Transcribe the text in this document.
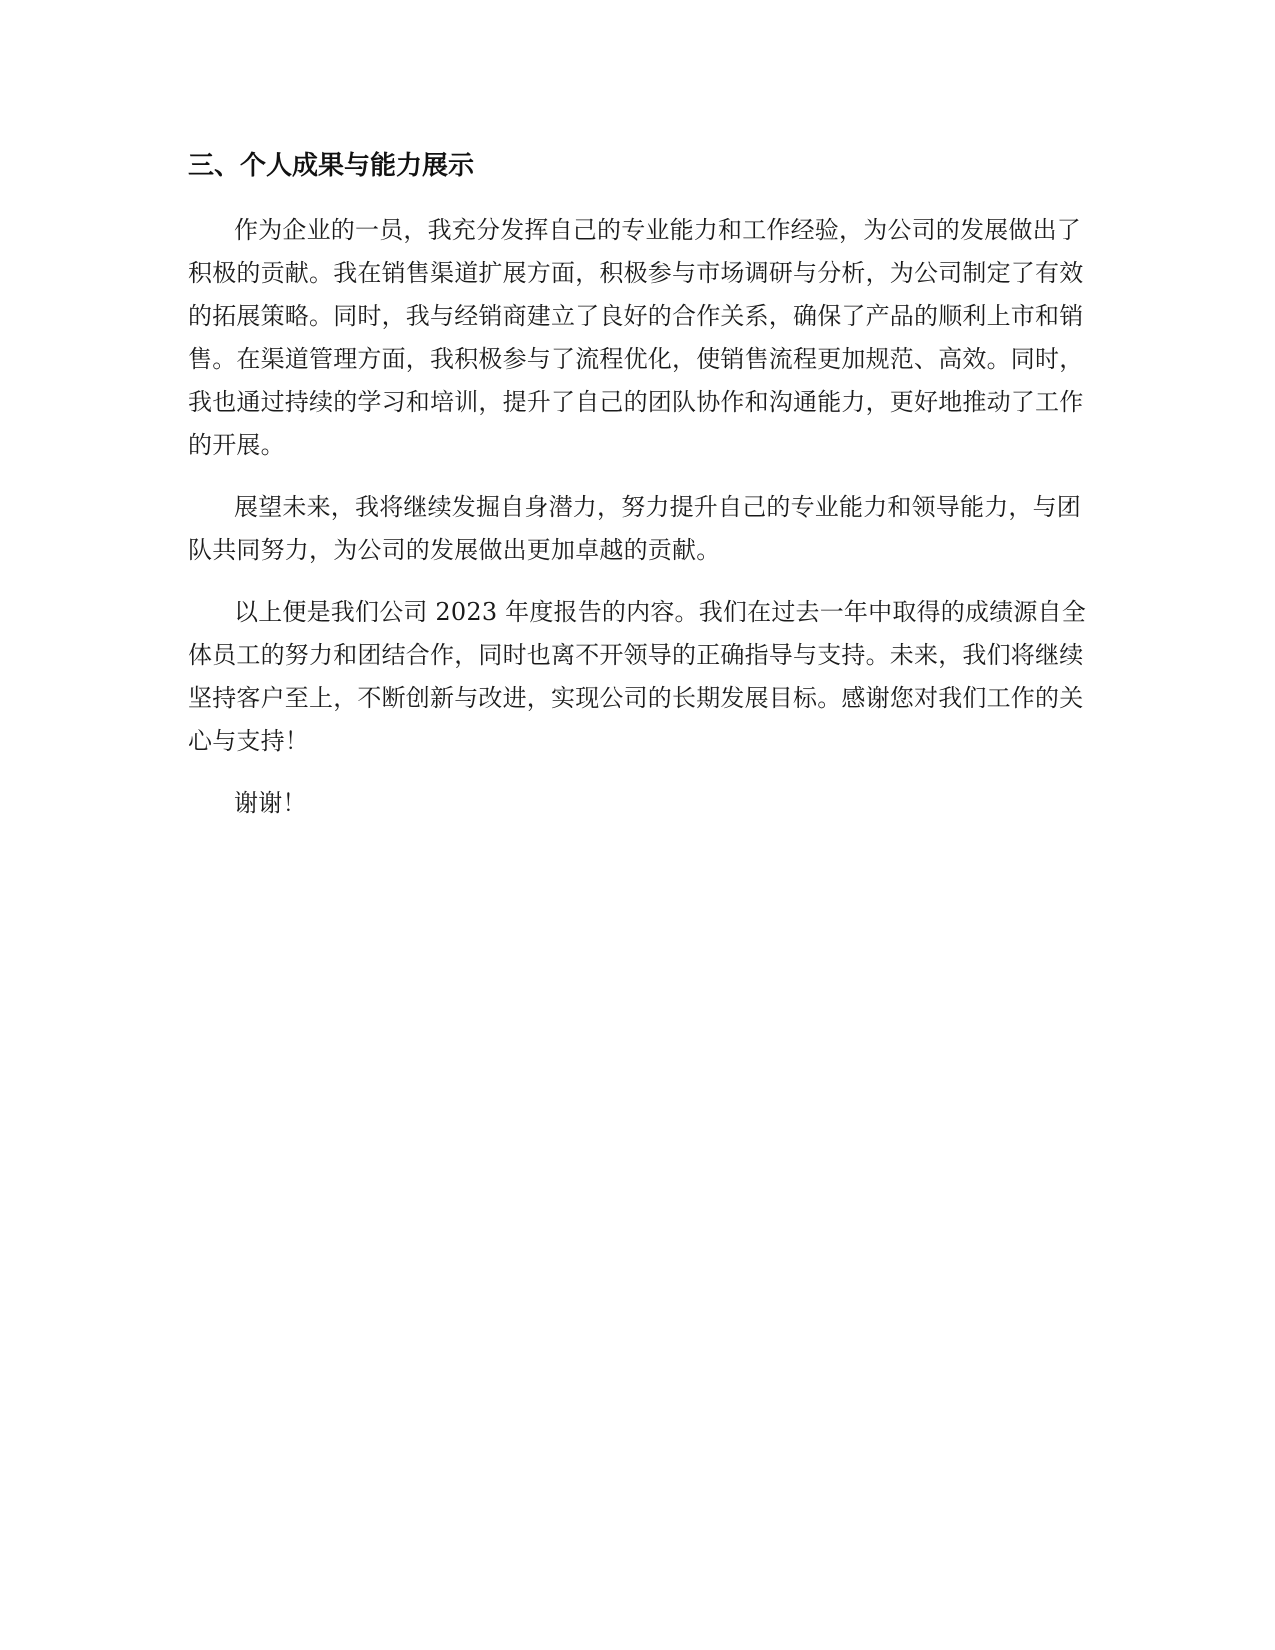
三、个人成果与能力展示

作为企业的一员，我充分发挥自己的专业能力和工作经验，为公司的发展做出了积极的贡献。我在销售渠道扩展方面，积极参与市场调研与分析，为公司制定了有效的拓展策略。同时，我与经销商建立了良好的合作关系，确保了产品的顺利上市和销售。在渠道管理方面，我积极参与了流程优化，使销售流程更加规范、高效。同时，我也通过持续的学习和培训，提升了自己的团队协作和沟通能力，更好地推动了工作的开展。

展望未来，我将继续发掘自身潜力，努力提升自己的专业能力和领导能力，与团队共同努力，为公司的发展做出更加卓越的贡献。

以上便是我们公司 2023 年度报告的内容。我们在过去一年中取得的成绩源自全体员工的努力和团结合作，同时也离不开领导的正确指导与支持。未来，我们将继续坚持客户至上，不断创新与改进，实现公司的长期发展目标。感谢您对我们工作的关心与支持！

谢谢！
